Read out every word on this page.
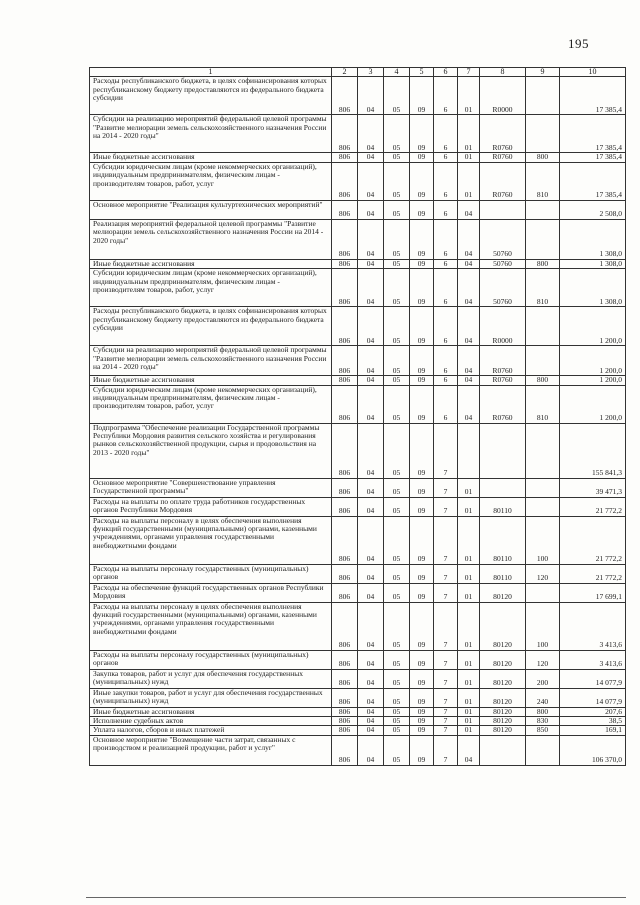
195
1	2	3	4	5	6	7	8	9	10
Расходы республиканского бюджета, в целях софинансирования которых республиканскому бюджету предоставляются из федерального бюджета субсидии	806	04	05	09	6	01	R0000		17 385,4
Субсидии на реализацию мероприятий федеральной целевой программы "Развитие мелиорации земель сельскохозяйственного назначения России на 2014 - 2020 годы"	806	04	05	09	6	01	R0760		17 385,4
Иные бюджетные ассигнования	806	04	05	09	6	01	R0760	800	17 385,4
Субсидии юридическим лицам (кроме некоммерческих организаций), индивидуальным предпринимателям, физическим лицам - производителям товаров, работ, услуг	806	04	05	09	6	01	R0760	810	17 385,4
Основное мероприятие "Реализация культуртехнических мероприятий"	806	04	05	09	6	04			2 508,0
Реализация мероприятий федеральной целевой программы "Развитие мелиорации земель сельскохозяйственного назначения России на 2014 - 2020 годы"	806	04	05	09	6	04	50760		1 308,0
Иные бюджетные ассигнования	806	04	05	09	6	04	50760	800	1 308,0
Субсидии юридическим лицам (кроме некоммерческих организаций), индивидуальным предпринимателям, физическим лицам - производителям товаров, работ, услуг	806	04	05	09	6	04	50760	810	1 308,0
Расходы республиканского бюджета, в целях софинансирования которых республиканскому бюджету предоставляются из федерального бюджета субсидии	806	04	05	09	6	04	R0000		1 200,0
Субсидии на реализацию мероприятий федеральной целевой программы "Развитие мелиорации земель сельскохозяйственного назначения России на 2014 - 2020 годы"	806	04	05	09	6	04	R0760		1 200,0
Иные бюджетные ассигнования	806	04	05	09	6	04	R0760	800	1 200,0
Субсидии юридическим лицам (кроме некоммерческих организаций), индивидуальным предпринимателям, физическим лицам - производителям товаров, работ, услуг	806	04	05	09	6	04	R0760	810	1 200,0
Подпрограмма "Обеспечение реализации Государственной программы Республики Мордовия развития сельского хозяйства и регулирования рынков сельскохозяйственной продукции, сырья и продовольствия на 2013 - 2020 годы"	806	04	05	09	7				155 841,3
Основное мероприятие "Совершенствование управления Государственной программы"	806	04	05	09	7	01			39 471,3
Расходы на выплаты по оплате труда работников государственных органов Республики Мордовия	806	04	05	09	7	01	80110		21 772,2
Расходы на выплаты персоналу в целях обеспечения выполнения функций государственными (муниципальными) органами, казенными учреждениями, органами управления государственными внебюджетными фондами	806	04	05	09	7	01	80110	100	21 772,2
Расходы на выплаты персоналу государственных (муниципальных) органов	806	04	05	09	7	01	80110	120	21 772,2
Расходы на обеспечение функций государственных органов Республики Мордовия	806	04	05	09	7	01	80120		17 699,1
Расходы на выплаты персоналу в целях обеспечения выполнения функций государственными (муниципальными) органами, казенными учреждениями, органами управления государственными внебюджетными фондами	806	04	05	09	7	01	80120	100	3 413,6
Расходы на выплаты персоналу государственных (муниципальных) органов	806	04	05	09	7	01	80120	120	3 413,6
Закупка товаров, работ и услуг для обеспечения государственных (муниципальных) нужд	806	04	05	09	7	01	80120	200	14 077,9
Иные закупки товаров, работ и услуг для обеспечения государственных (муниципальных) нужд	806	04	05	09	7	01	80120	240	14 077,9
Иные бюджетные ассигнования	806	04	05	09	7	01	80120	800	207,6
Исполнение судебных актов	806	04	05	09	7	01	80120	830	38,5
Уплата налогов, сборов и иных платежей	806	04	05	09	7	01	80120	850	169,1
Основное мероприятие "Возмещение части затрат, связанных с производством и реализацией продукции, работ и услуг"	806	04	05	09	7	04			106 370,0
